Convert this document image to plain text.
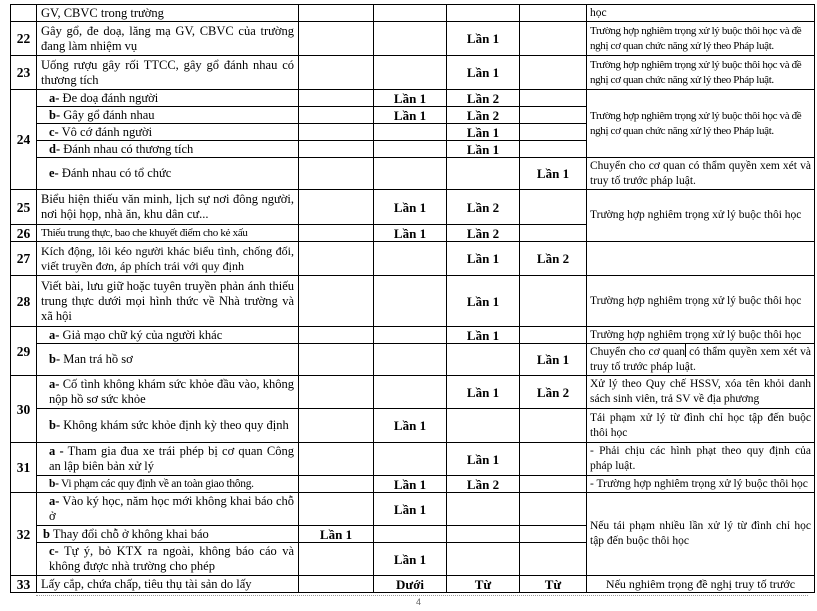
	GV, CBVC trong trường					học
22	Gây gổ, đe doạ, lăng mạ GV, CBVC của trường đang làm nhiệm vụ			Lần 1		Trường hợp nghiêm trọng xử lý buộc thôi học và đề nghị cơ quan chức năng xử lý theo Pháp luật.
23	Uống rượu gây rối TTCC, gây gổ đánh nhau có thương tích			Lần 1		Trường hợp nghiêm trọng xử lý buộc thôi học và đề nghị cơ quan chức năng xử lý theo Pháp luật.
24	a- Đe doạ đánh người		Lần 1	Lần 2		Trường hợp nghiêm trọng xử lý buộc thôi học và đề nghị cơ quan chức năng xử lý theo Pháp luật.
	b- Gây gổ đánh nhau		Lần 1	Lần 2		
	c- Vô cớ đánh người			Lần 1		
	d- Đánh nhau có thương tích			Lần 1		
	e- Đánh nhau có tổ chức				Lần 1	Chuyển cho cơ quan có thẩm quyền xem xét và truy tố trước pháp luật.
25	Biểu hiện thiếu văn minh, lịch sự nơi đông người, nơi hội họp, nhà ăn, khu dân cư...		Lần 1	Lần 2		Trường hợp nghiêm trọng xử lý buộc thôi học
26	Thiếu trung thực, bao che khuyết điểm cho kẻ xấu		Lần 1	Lần 2		
27	Kích động, lôi kéo người khác biểu tình, chống đối, viết truyền đơn, áp phích trái với quy định			Lần 1	Lần 2	
28	Viết bài, lưu giữ hoặc tuyên truyền phản ánh thiếu trung thực dưới mọi hình thức về Nhà trường và xã hội			Lần 1		Trường hợp nghiêm trọng xử lý buộc thôi học
29	a- Giả mạo chữ ký của người khác			Lần 1		Trường hợp nghiêm trọng xử lý buộc thôi học
	b- Man trá hồ sơ				Lần 1	Chuyển cho cơ quan có thẩm quyền xem xét và truy tố trước pháp luật.
30	a- Cố tình không khám sức khỏe đầu vào, không nộp hồ sơ sức khỏe			Lần 1	Lần 2	Xử lý theo Quy chế HSSV, xóa tên khỏi danh sách sinh viên, trả SV về địa phương
	b- Không khám sức khỏe định kỳ theo quy định		Lần 1			Tái phạm xử lý từ đình chỉ học tập đến buộc thôi học
31	a - Tham gia đua xe trái phép bị cơ quan Công an lập biên bản xử lý			Lần 1		- Phải chịu các hình phạt theo quy định của pháp luật.
	b- Vi phạm các quy định về an toàn giao thông.		Lần 1	Lần 2		- Trường hợp nghiêm trọng xử lý buộc thôi học
32	a- Vào ký học, năm học mới không khai báo chỗ ở		Lần 1			Nếu tái phạm nhiều lần xử lý từ đình chỉ học tập đến buộc thôi học
	b Thay đổi chỗ ở không khai báo	Lần 1				
	c- Tự ý, bỏ KTX ra ngoài, không báo cáo và không được nhà trường cho phép		Lần 1			
33	Lấy cắp, chứa chấp, tiêu thụ tài sản do lấy		Dưới	Từ	Từ	Nếu nghiêm trọng đề nghị truy tố trước
4
